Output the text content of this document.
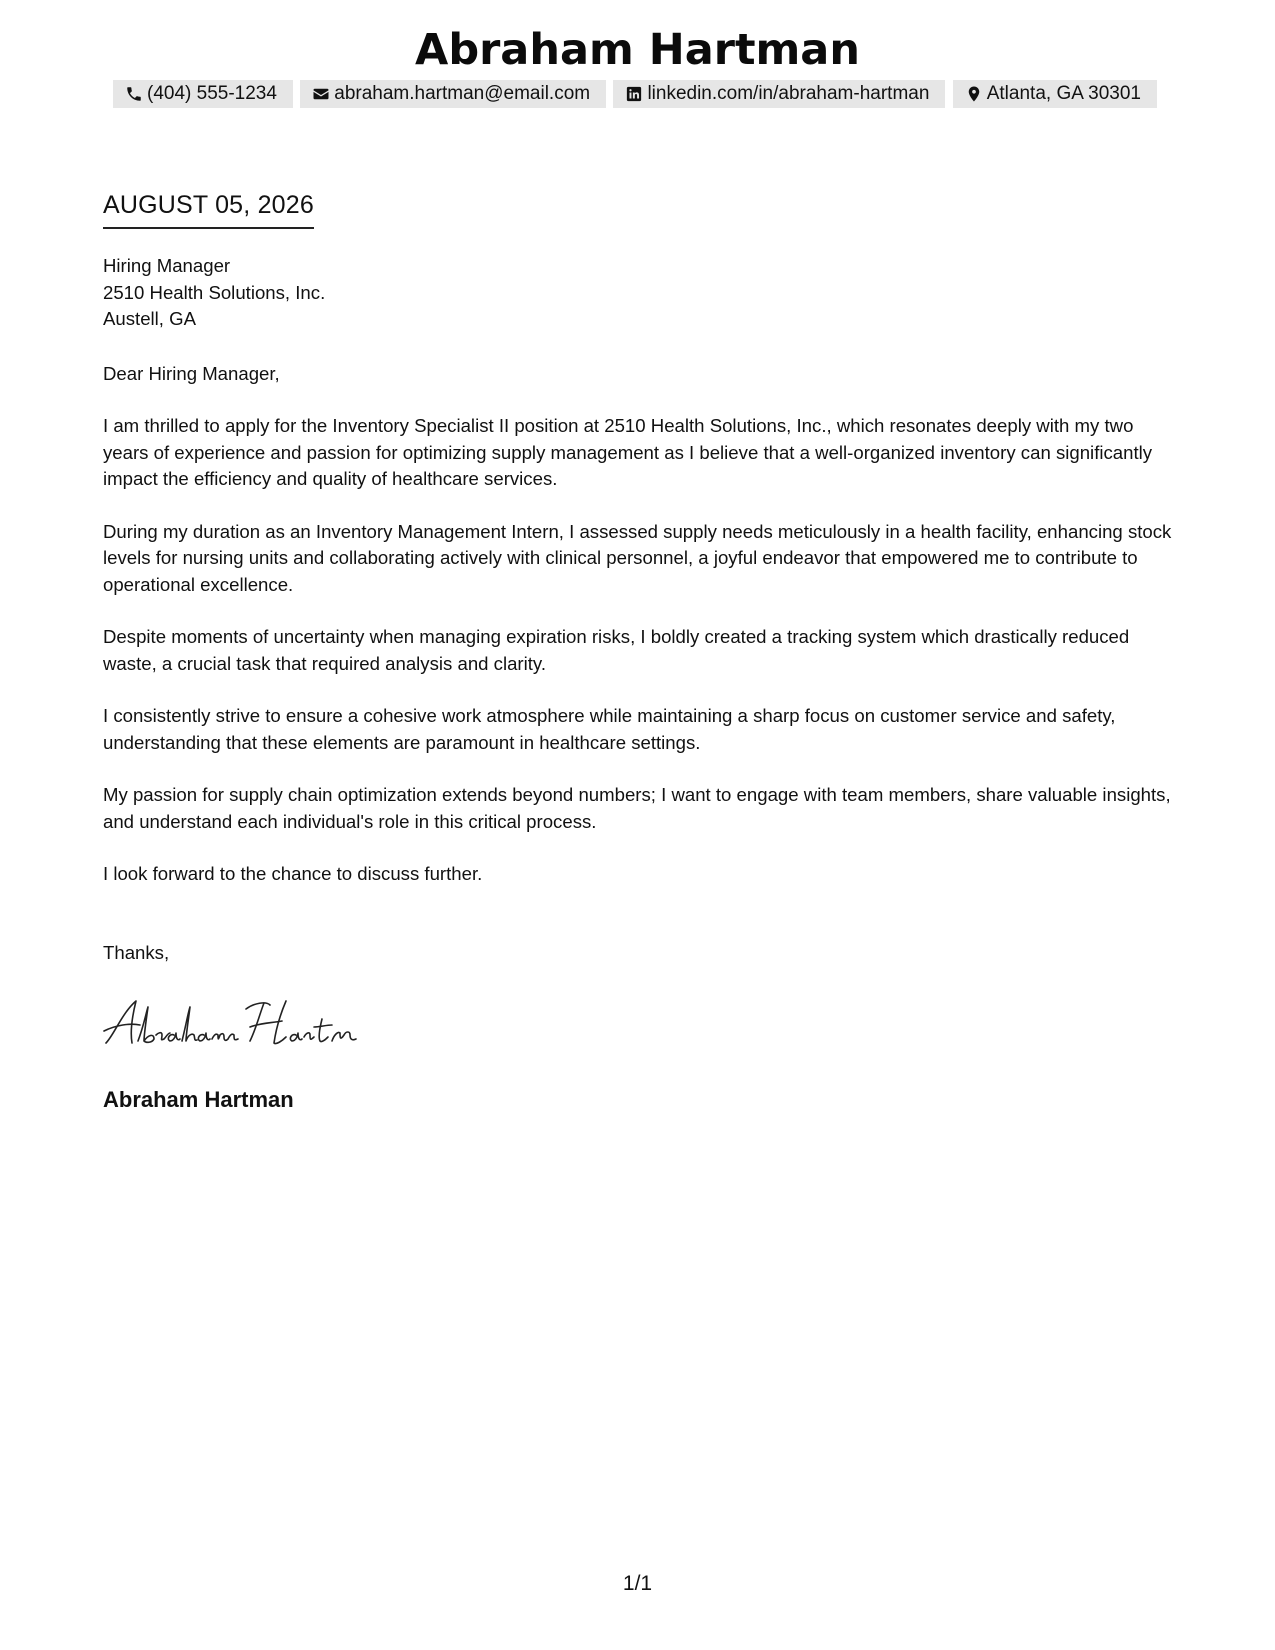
Abraham Hartman
(404) 555-1234	abraham.hartman@email.com	linkedin.com/in/abraham-hartman	Atlanta, GA 30301
AUGUST 05, 2026
Hiring Manager
2510 Health Solutions, Inc.
Austell, GA
Dear Hiring Manager,

I am thrilled to apply for the Inventory Specialist II position at 2510 Health Solutions, Inc., which resonates deeply with my two years of experience and passion for optimizing supply management as I believe that a well-organized inventory can significantly impact the efficiency and quality of healthcare services.

During my duration as an Inventory Management Intern, I assessed supply needs meticulously in a health facility, enhancing stock levels for nursing units and collaborating actively with clinical personnel, a joyful endeavor that empowered me to contribute to operational excellence.

Despite moments of uncertainty when managing expiration risks, I boldly created a tracking system which drastically reduced waste, a crucial task that required analysis and clarity.

I consistently strive to ensure a cohesive work atmosphere while maintaining a sharp focus on customer service and safety, understanding that these elements are paramount in healthcare settings.

My passion for supply chain optimization extends beyond numbers; I want to engage with team members, share valuable insights, and understand each individual's role in this critical process.

I look forward to the chance to discuss further.

Thanks,
Abraham Hartman
1/1
